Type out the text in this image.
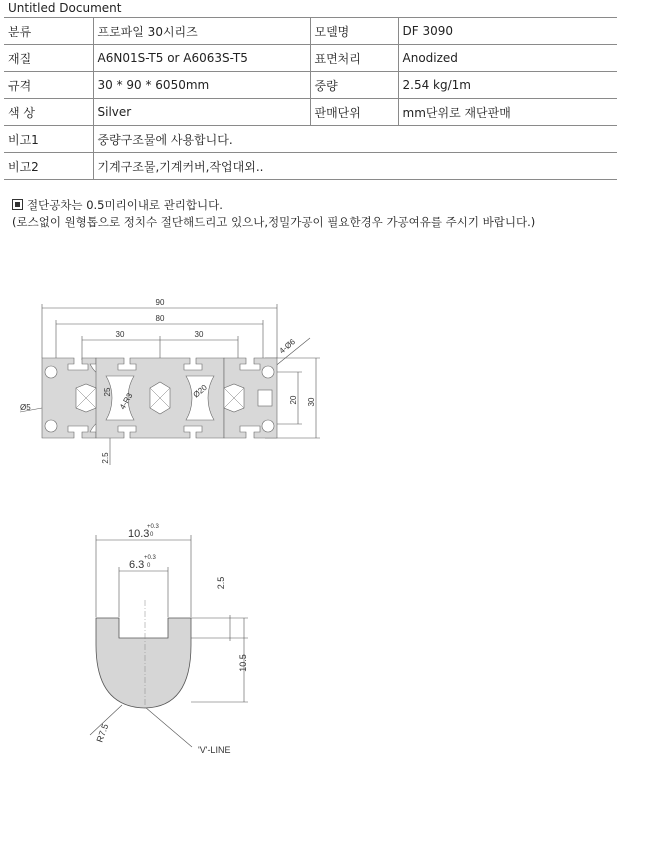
Untitled Document
분류	프로파일 30시리즈	모델명	DF 3090
재질	A6N01S-T5 or A6063S-T5	표면처리	Anodized
규격	30 * 90 * 6050mm	중량	2.54 kg/1m
색 상	Silver	판매단위	mm단위로 재단판매
비고1	중량구조물에 사용합니다.		
비고2	기계구조물,기계커버,작업대외..		
절단공차는 0.5미리이내로 관리합니다.
(로스없이 원형톱으로 정치수 절단해드리고 있으나,정밀가공이 필요한경우 가공여유를 주시기 바랍니다.)
90
80
30	30
30
20
25
2.5
Ø5
4-Ø6
4-R3
Ø20
10.3
+0.3
0
6.3
+0.3
0
2.5
10.5
R7.5
'V'-LINE
